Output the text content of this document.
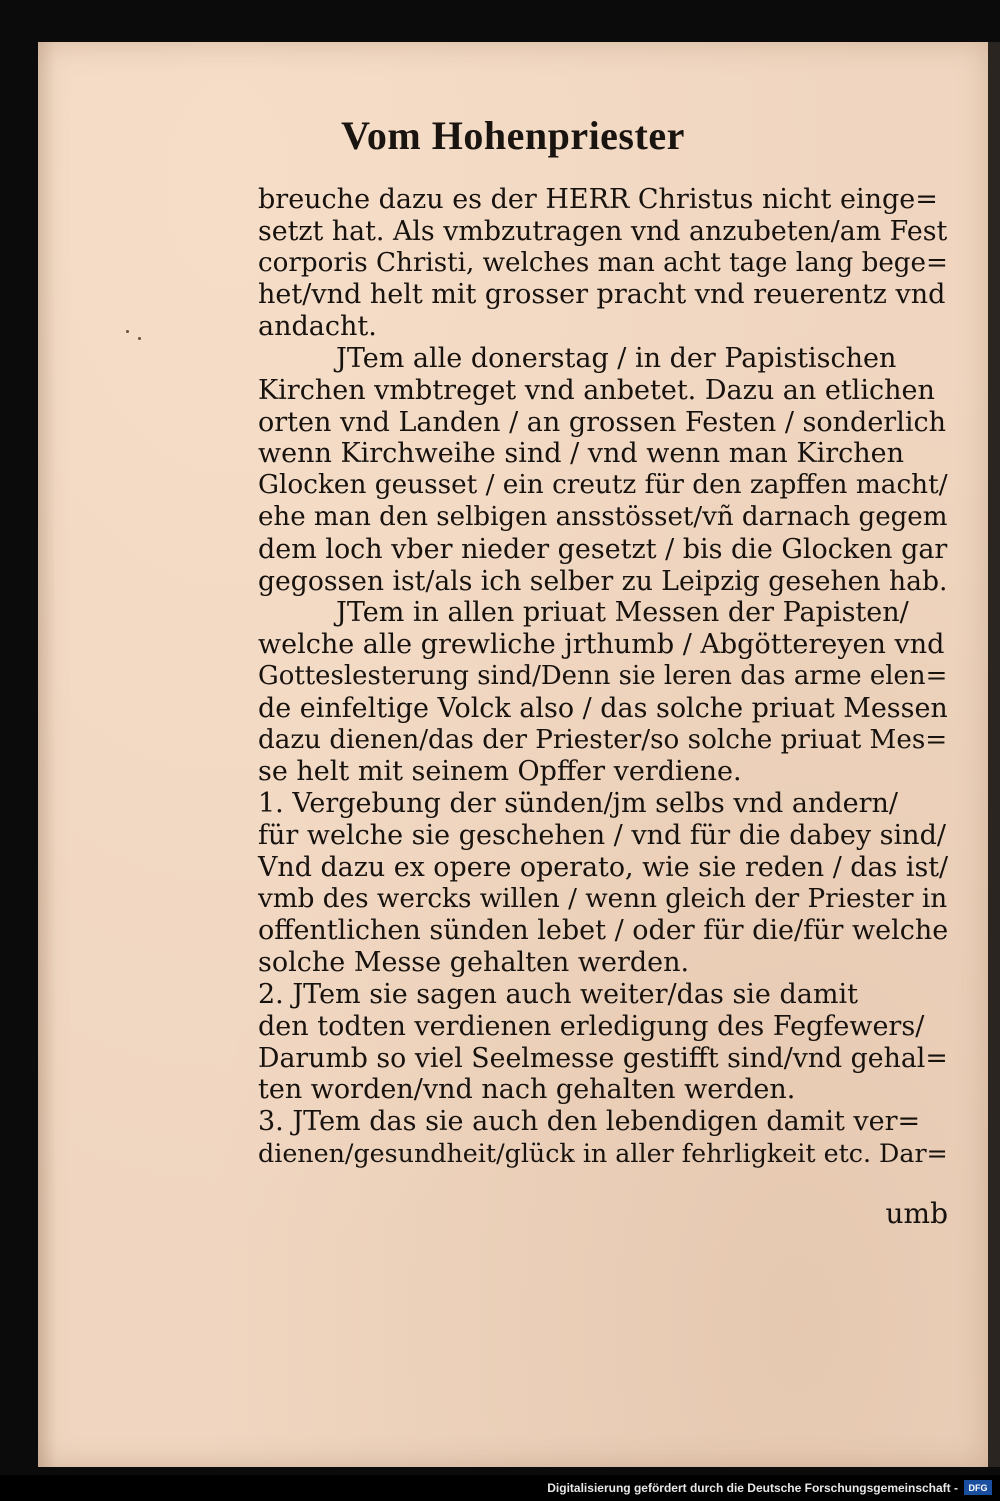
Vom Hohenpriester
breuche dazu es der HERR Christus nicht einge=
setzt hat. Als vmbzutragen vnd anzubeten/am Fest
corporis Christi, welches man acht tage lang bege=
het/vnd helt mit grosser pracht vnd reuerentz vnd
andacht.
JTem alle donerstag / in der Papistischen
Kirchen vmbtreget vnd anbetet. Dazu an etlichen
orten vnd Landen / an grossen Festen / sonderlich
wenn Kirchweihe sind / vnd wenn man Kirchen
Glocken geusset / ein creutz für den zapffen macht/
ehe man den selbigen ansstösset/vñ darnach gegem
dem loch vber nieder gesetzt / bis die Glocken gar
gegossen ist/als ich selber zu Leipzig gesehen hab.
JTem in allen priuat Messen der Papisten/
welche alle grewliche jrthumb / Abgöttereyen vnd
Gotteslesterung sind/Denn sie leren das arme elen=
de einfeltige Volck also / das solche priuat Messen
dazu dienen/das der Priester/so solche priuat Mes=
se helt mit seinem Opffer verdiene.
1. Vergebung der sünden/jm selbs vnd andern/
für welche sie geschehen / vnd für die dabey sind/
Vnd dazu ex opere operato, wie sie reden / das ist/
vmb des wercks willen / wenn gleich der Priester in
offentlichen sünden lebet / oder für die/für welche
solche Messe gehalten werden.
2. JTem sie sagen auch weiter/das sie damit
den todten verdienen erledigung des Fegfewers/
Darumb so viel Seelmesse gestifft sind/vnd gehal=
ten worden/vnd nach gehalten werden.
3. JTem das sie auch den lebendigen damit ver=
dienen/gesundheit/glück in aller fehrligkeit etc. Dar=
umb
Digitalisierung gefördert durch die Deutsche Forschungsgemeinschaft -	DFG
